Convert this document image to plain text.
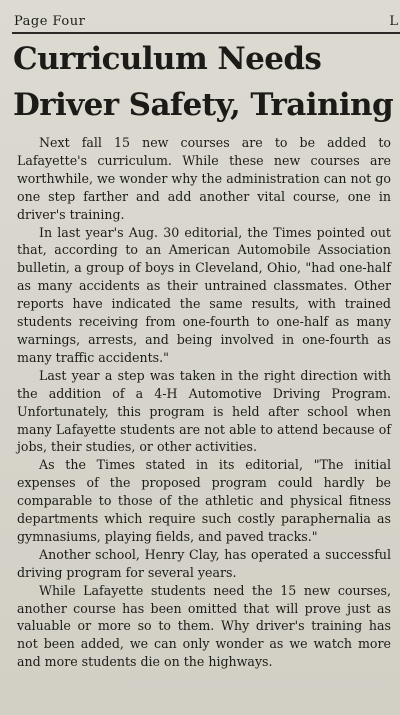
Page Four	L
Curriculum Needs
Driver Safety, Training

Next fall 15 new courses are to be added to Lafayette's curriculum. While these new courses are worthwhile, we wonder why the administration can not go one step farther and add another vital course, one in driver's training.

In last year's Aug. 30 editorial, the Times pointed out that, according to an American Automobile Association bulletin, a group of boys in Cleveland, Ohio, "had one-half as many accidents as their untrained classmates. Other reports have indicated the same results, with trained students receiving from one-fourth to one-half as many warnings, arrests, and being involved in one-fourth as many traffic accidents."

Last year a step was taken in the right direction with the addition of a 4-H Automotive Driving Program. Unfortunately, this program is held after school when many Lafayette students are not able to attend because of jobs, their studies, or other activities.

As the Times stated in its editorial, "The initial expenses of the proposed program could hardly be comparable to those of the athletic and physical fitness departments which require such costly paraphernalia as gymnasiums, playing fields, and paved tracks."

Another school, Henry Clay, has operated a successful driving program for several years.

While Lafayette students need the 15 new courses, another course has been omitted that will prove just as valuable or more so to them. Why driver's training has not been added, we can only wonder as we watch more and more students die on the highways.
